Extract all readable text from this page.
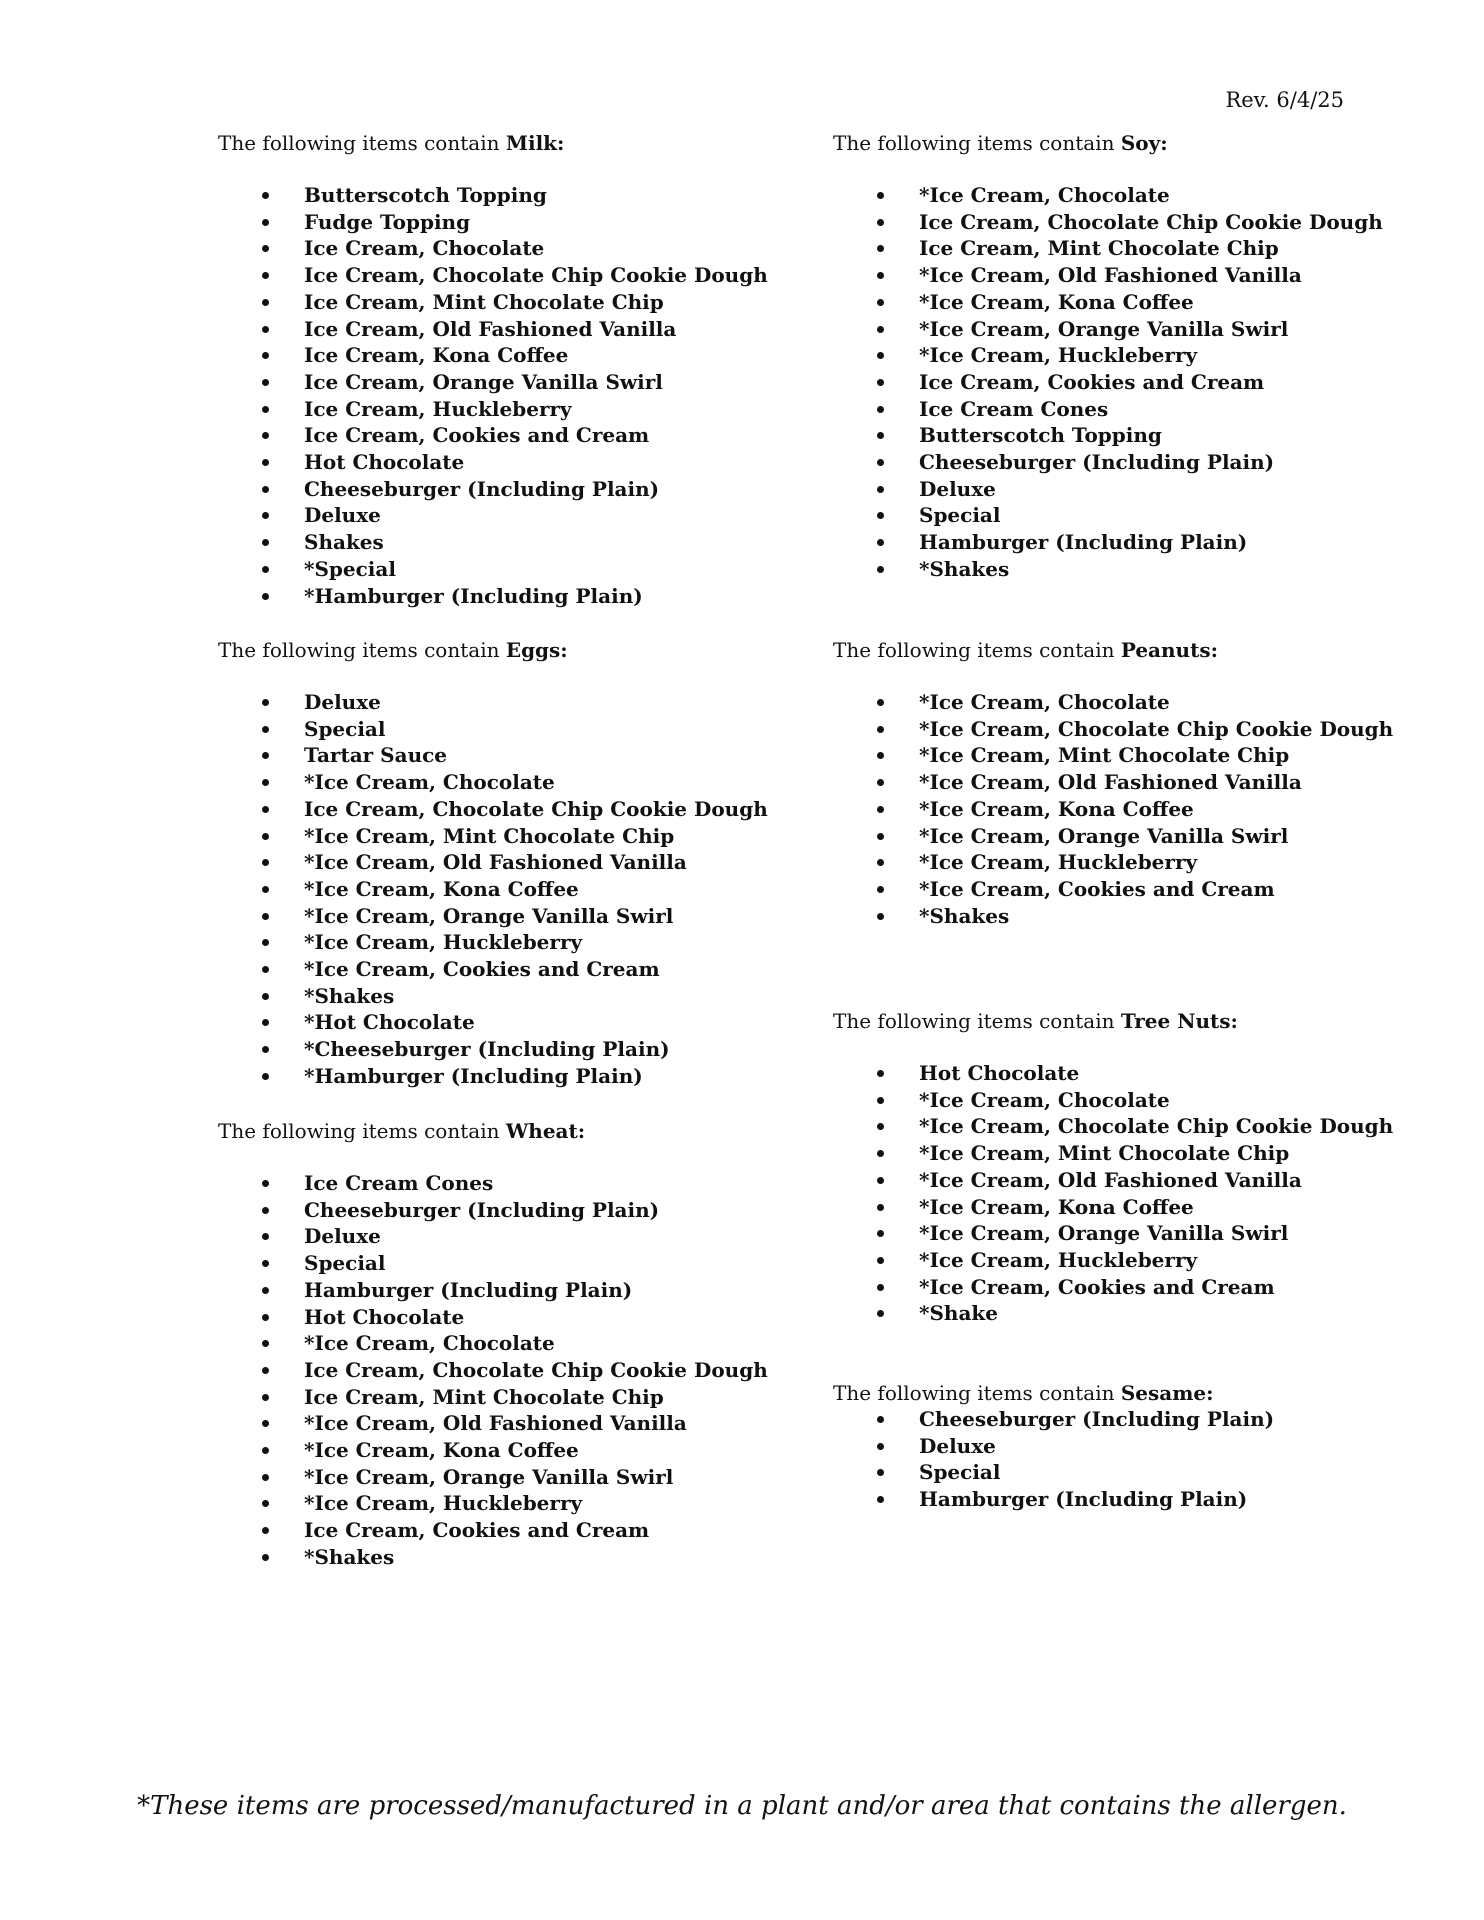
Rev. 6/4/25

The following items contain Milk:

Butterscotch Topping
Fudge Topping
Ice Cream, Chocolate
Ice Cream, Chocolate Chip Cookie Dough
Ice Cream, Mint Chocolate Chip
Ice Cream, Old Fashioned Vanilla
Ice Cream, Kona Coffee
Ice Cream, Orange Vanilla Swirl
Ice Cream, Huckleberry
Ice Cream, Cookies and Cream
Hot Chocolate
Cheeseburger (Including Plain)
Deluxe
Shakes
*Special
*Hamburger (Including Plain)

The following items contain Eggs:

Deluxe
Special
Tartar Sauce
*Ice Cream, Chocolate
Ice Cream, Chocolate Chip Cookie Dough
*Ice Cream, Mint Chocolate Chip
*Ice Cream, Old Fashioned Vanilla
*Ice Cream, Kona Coffee
*Ice Cream, Orange Vanilla Swirl
*Ice Cream, Huckleberry
*Ice Cream, Cookies and Cream
*Shakes
*Hot Chocolate
*Cheeseburger (Including Plain)
*Hamburger (Including Plain)

The following items contain Wheat:

Ice Cream Cones
Cheeseburger (Including Plain)
Deluxe
Special
Hamburger (Including Plain)
Hot Chocolate
*Ice Cream, Chocolate
Ice Cream, Chocolate Chip Cookie Dough
Ice Cream, Mint Chocolate Chip
*Ice Cream, Old Fashioned Vanilla
*Ice Cream, Kona Coffee
*Ice Cream, Orange Vanilla Swirl
*Ice Cream, Huckleberry
Ice Cream, Cookies and Cream
*Shakes

The following items contain Soy:

*Ice Cream, Chocolate
Ice Cream, Chocolate Chip Cookie Dough
Ice Cream, Mint Chocolate Chip
*Ice Cream, Old Fashioned Vanilla
*Ice Cream, Kona Coffee
*Ice Cream, Orange Vanilla Swirl
*Ice Cream, Huckleberry
Ice Cream, Cookies and Cream
Ice Cream Cones
Butterscotch Topping
Cheeseburger (Including Plain)
Deluxe
Special
Hamburger (Including Plain)
*Shakes

The following items contain Peanuts:

*Ice Cream, Chocolate
*Ice Cream, Chocolate Chip Cookie Dough
*Ice Cream, Mint Chocolate Chip
*Ice Cream, Old Fashioned Vanilla
*Ice Cream, Kona Coffee
*Ice Cream, Orange Vanilla Swirl
*Ice Cream, Huckleberry
*Ice Cream, Cookies and Cream
*Shakes

The following items contain Tree Nuts:

Hot Chocolate
*Ice Cream, Chocolate
*Ice Cream, Chocolate Chip Cookie Dough
*Ice Cream, Mint Chocolate Chip
*Ice Cream, Old Fashioned Vanilla
*Ice Cream, Kona Coffee
*Ice Cream, Orange Vanilla Swirl
*Ice Cream, Huckleberry
*Ice Cream, Cookies and Cream
*Shake

The following items contain Sesame:

Cheeseburger (Including Plain)
Deluxe
Special
Hamburger (Including Plain)
*These items are processed/manufactured in a plant and/or area that contains the allergen.
